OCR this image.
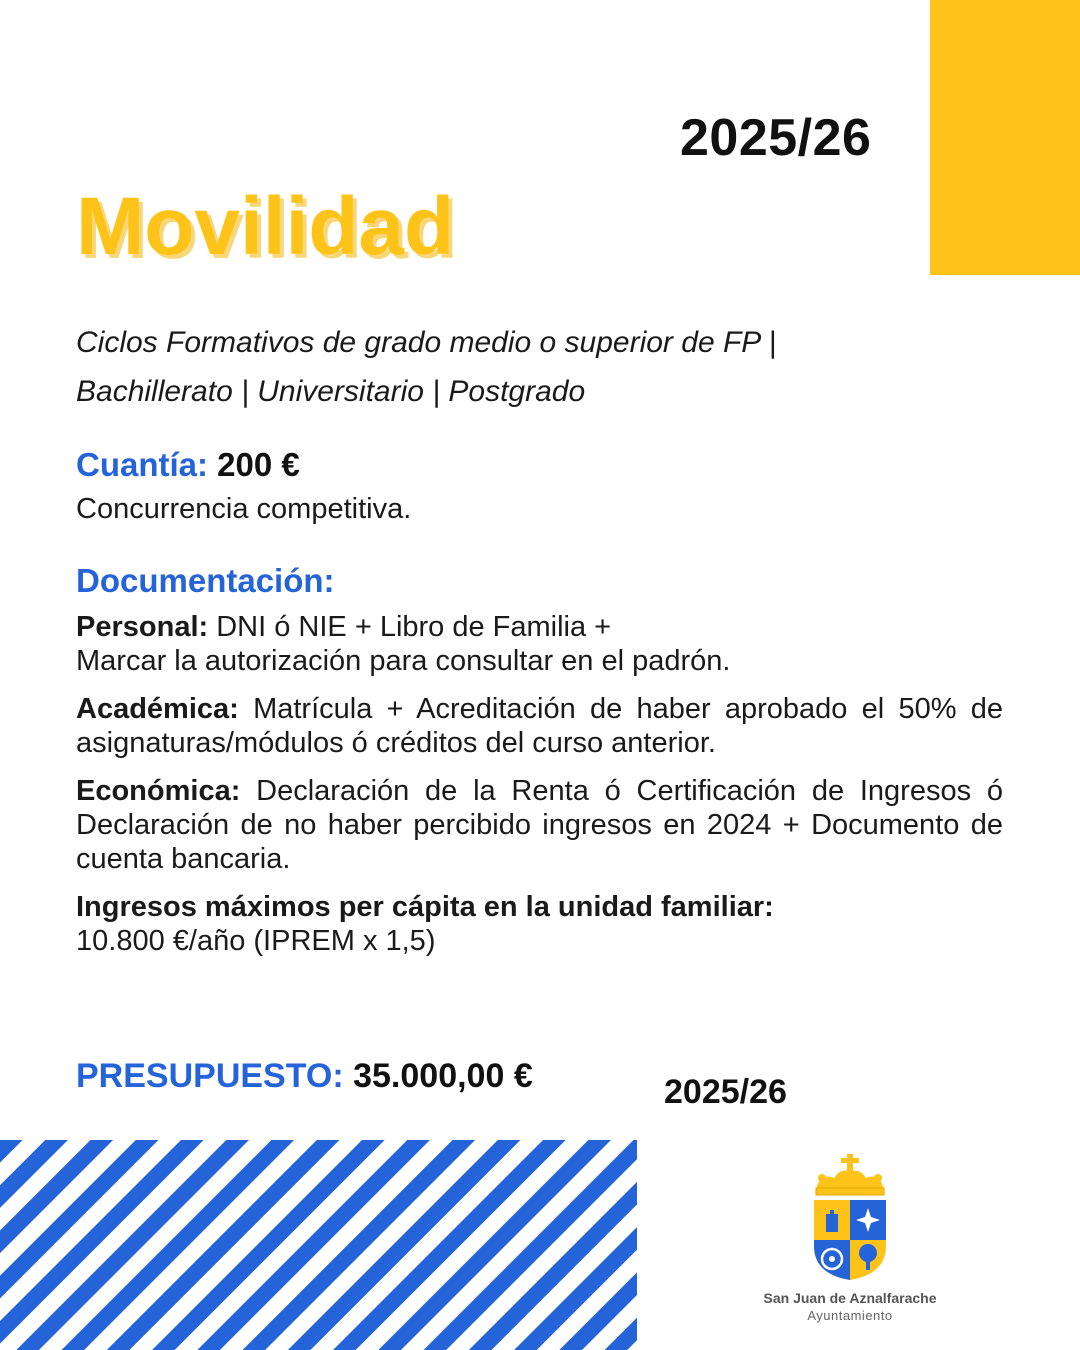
2025/26
Movilidad
Ciclos Formativos de grado medio o superior de FP |
Bachillerato | Universitario | Postgrado
Cuantía: 200 €
Concurrencia competitiva.
Documentación:
Personal: DNI ó NIE + Libro de Familia +
Marcar la autorización para consultar en el padrón.
Académica: Matrícula + Acreditación de haber aprobado el 50% de asignaturas/módulos ó créditos del curso anterior.
Económica: Declaración de la Renta ó Certificación de Ingresos ó Declaración de no haber percibido ingresos en 2024 + Documento de cuenta bancaria.
Ingresos máximos per cápita en la unidad familiar:
10.800 €/año (IPREM x 1,5)
PRESUPUESTO: 35.000,00 €	2025/26
San Juan de Aznalfarache
Ayuntamiento
